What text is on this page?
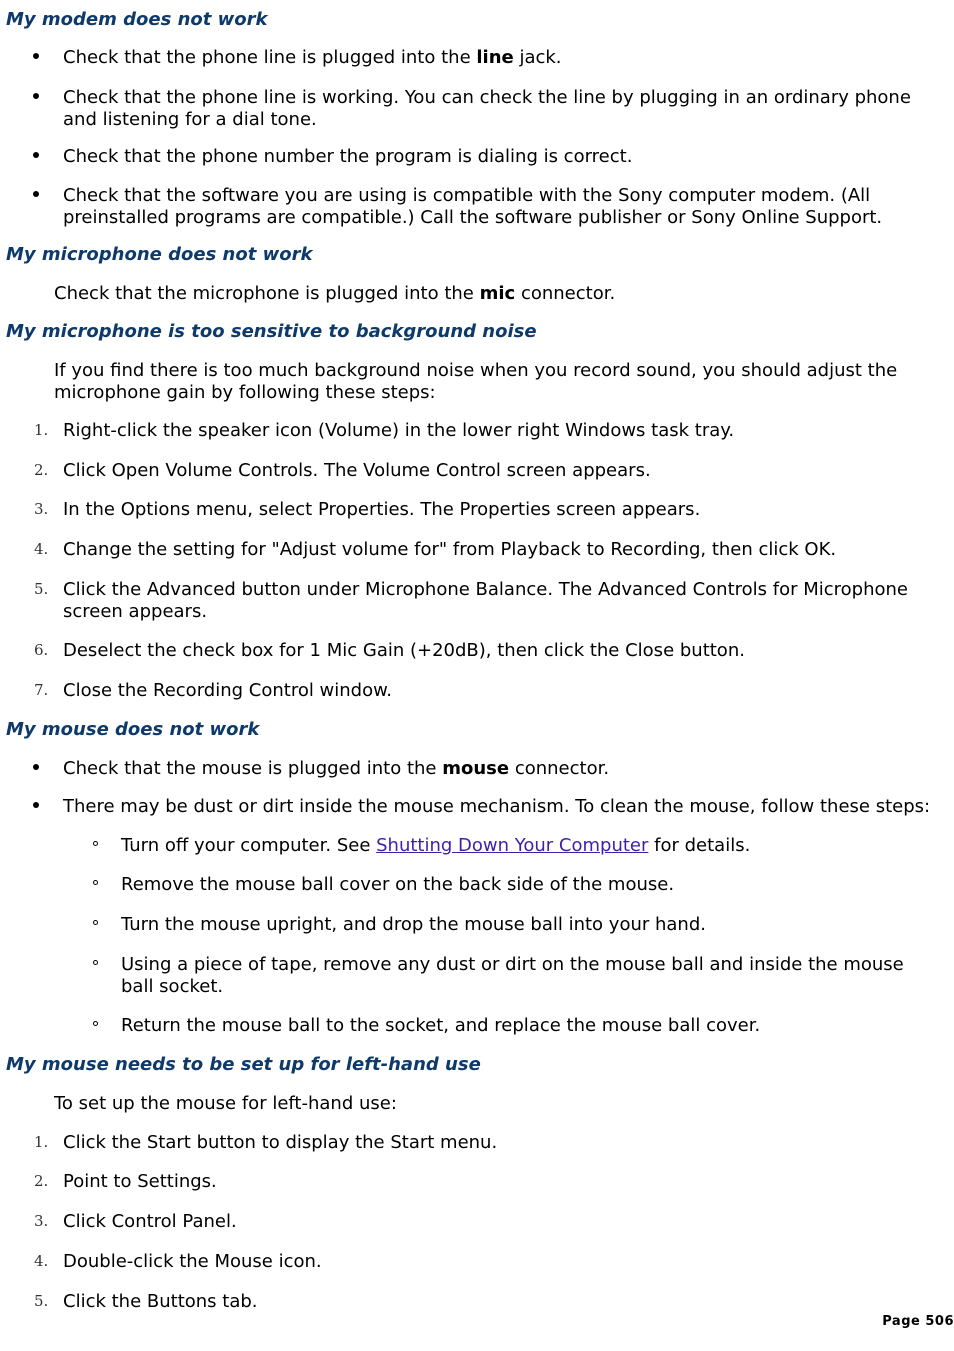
My modem does not work
Check that the phone line is plugged into the line jack.
Check that the phone line is working. You can check the line by plugging in an ordinary phone and listening for a dial tone.
Check that the phone number the program is dialing is correct.
Check that the software you are using is compatible with the Sony computer modem. (All preinstalled programs are compatible.) Call the software publisher or Sony Online Support.
My microphone does not work

Check that the microphone is plugged into the mic connector.

My microphone is too sensitive to background noise

If you find there is too much background noise when you record sound, you should adjust the microphone gain by following these steps:

1. Right-click the speaker icon (Volume) in the lower right Windows task tray.
2. Click Open Volume Controls. The Volume Control screen appears.
3. In the Options menu, select Properties. The Properties screen appears.
4. Change the setting for "Adjust volume for" from Playback to Recording, then click OK.
5. Click the Advanced button under Microphone Balance. The Advanced Controls for Microphone screen appears.
6. Deselect the check box for 1 Mic Gain (+20dB), then click the Close button.
7. Close the Recording Control window.
My mouse does not work
Check that the mouse is plugged into the mouse connector.
There may be dust or dirt inside the mouse mechanism. To clean the mouse, follow these steps:
Turn off your computer. See Shutting Down Your Computer for details.
Remove the mouse ball cover on the back side of the mouse.
Turn the mouse upright, and drop the mouse ball into your hand.
Using a piece of tape, remove any dust or dirt on the mouse ball and inside the mouse ball socket.
Return the mouse ball to the socket, and replace the mouse ball cover.
My mouse needs to be set up for left-hand use

To set up the mouse for left-hand use:

1. Click the Start button to display the Start menu.
2. Point to Settings.
3. Click Control Panel.
4. Double-click the Mouse icon.
5. Click the Buttons tab.
Page 506
